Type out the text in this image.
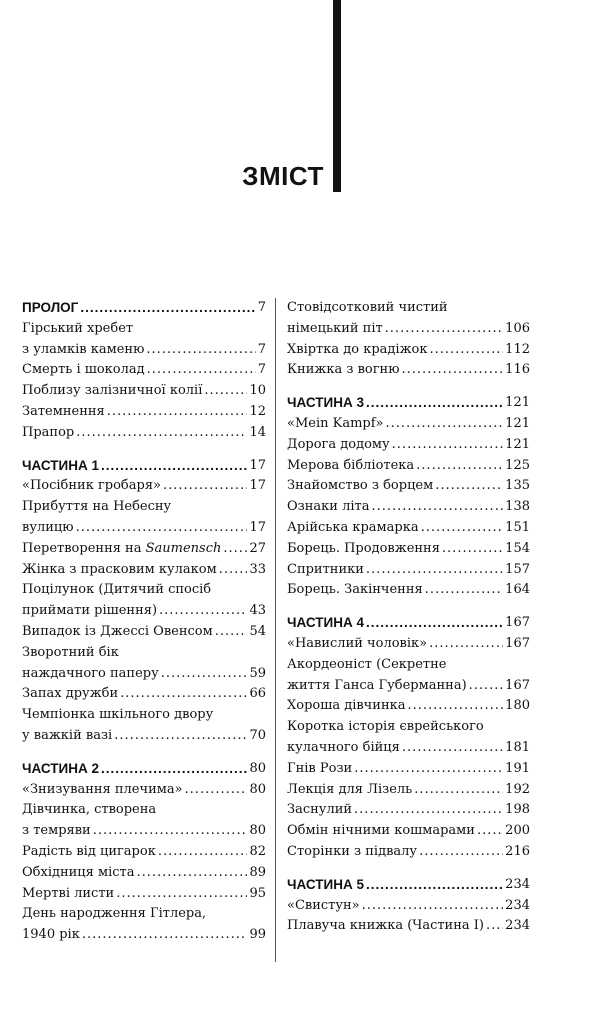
ЗМІСТ
ПРОЛОГ .....	7
Гірський хребет
з уламків каменю .....	7
Смерть і шоколад .....	7
Поблизу залізничної колії .....	10
Затемнення .....	12
Прапор .....	14
ЧАСТИНА 1 .....	17
«Посібник гробаря» .....	17
Прибуття на Небесну
вулицю .....	17
Перетворення на Saumensch ..... 27
Жінка з прасковим кулаком .....	33
Поцілунок (Дитячий спосіб
приймати рішення) .....	43
Випадок із Джессі Овенсом .....	54
Зворотний бік
наждачного паперу .....	59
Запах дружби .....	66
Чемпіонка шкільного двору
у важкій вазі .....	70
ЧАСТИНА 2 .....	80
«Знизування плечима» .....	80
Дівчинка, створена
з темряви .....	80
Радість від цигарок .....	82
Обхідниця міста .....	89
Мертві листи .....	95
День народження Гітлера,
1940 рік .....	99
Стовідсотковий чистий
німецький піт .....	106
Хвіртка до крадіжок .....	112
Книжка з вогню .....	116
ЧАСТИНА 3 .....	121
«Mein Kampf» .....	121
Дорога додому .....	121
Мерова бібліотека .....	125
Знайомство з борцем .....	135
Ознаки літа .....	138
Арійська крамарка .....	151
Борець. Продовження .....	154
Спритники .....	157
Борець. Закінчення .....	164
ЧАСТИНА 4 .....	167
«Навислий чоловік» .....	167
Акордеоніст (Секретне
життя Ганса Губерманна) .....	167
Хороша дівчинка .....	180
Коротка історія єврейського
кулачного бійця .....	181
Гнів Рози .....	191
Лекція для Лізель .....	192
Заснулий .....	198
Обмін нічними кошмарами ..... 200
Сторінки з підвалу .....	216
ЧАСТИНА 5 .....	234
«Свистун» .....	234
Плавуча книжка (Частина I) ..... 234
